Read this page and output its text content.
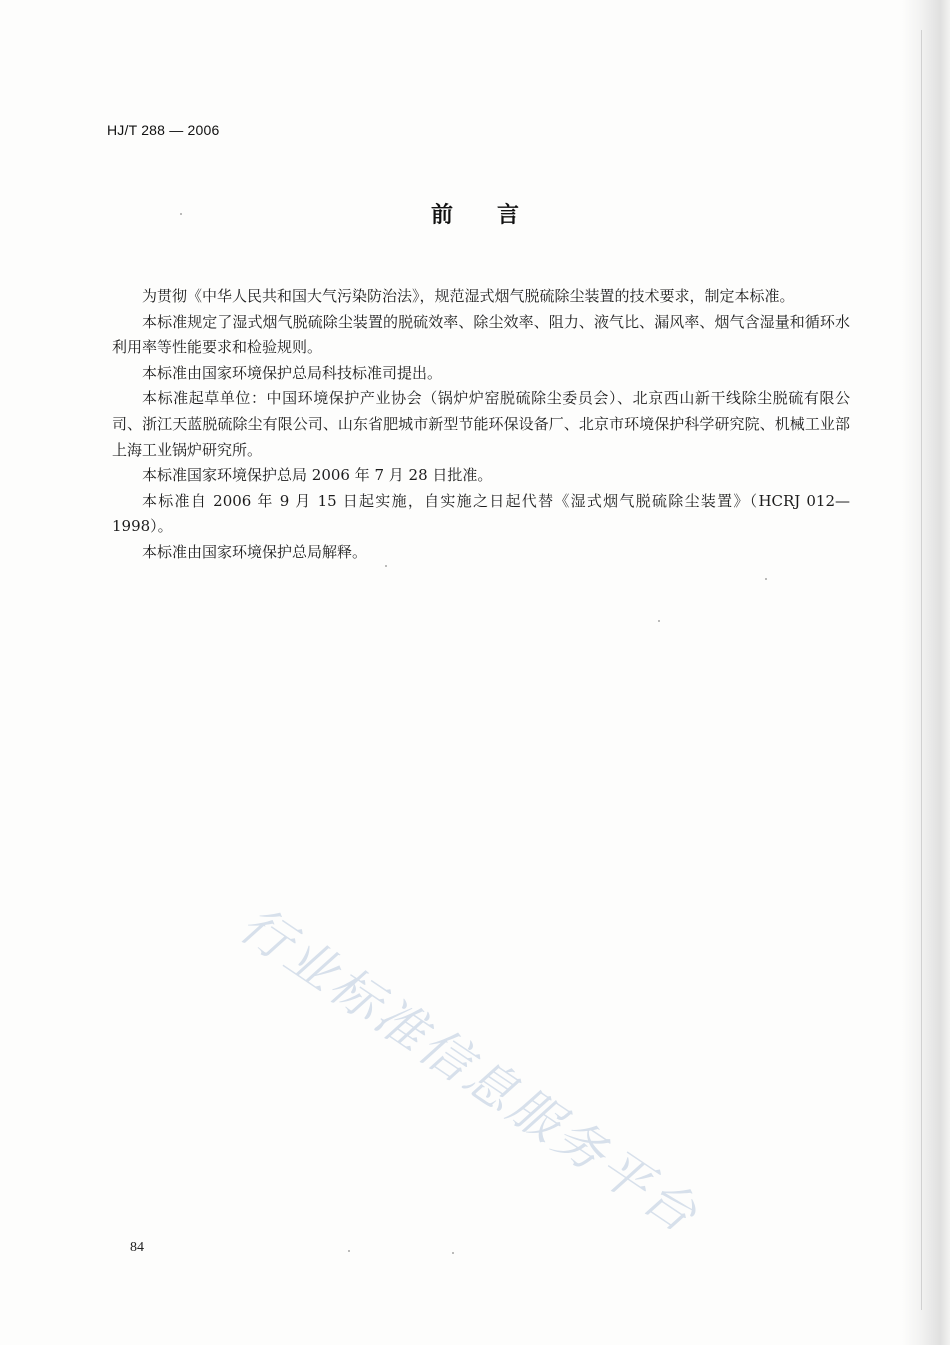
HJ/T 288 — 2006
前言

为贯彻《中华人民共和国大气污染防治法》，规范湿式烟气脱硫除尘装置的技术要求，制定本标准。

本标准规定了湿式烟气脱硫除尘装置的脱硫效率、除尘效率、阻力、液气比、漏风率、烟气含湿量和循环水利用率等性能要求和检验规则。

本标准由国家环境保护总局科技标准司提出。

本标准起草单位：中国环境保护产业协会（锅炉炉窑脱硫除尘委员会）、北京西山新干线除尘脱硫有限公司、浙江天蓝脱硫除尘有限公司、山东省肥城市新型节能环保设备厂、北京市环境保护科学研究院、机械工业部上海工业锅炉研究所。

本标准国家环境保护总局 2006 年 7 月 28 日批准。

本标准自 2006 年 9 月 15 日起实施，自实施之日起代替《湿式烟气脱硫除尘装置》（HCRJ 012—1998）。

本标准由国家环境保护总局解释。

行业标准信息服务平台
84
